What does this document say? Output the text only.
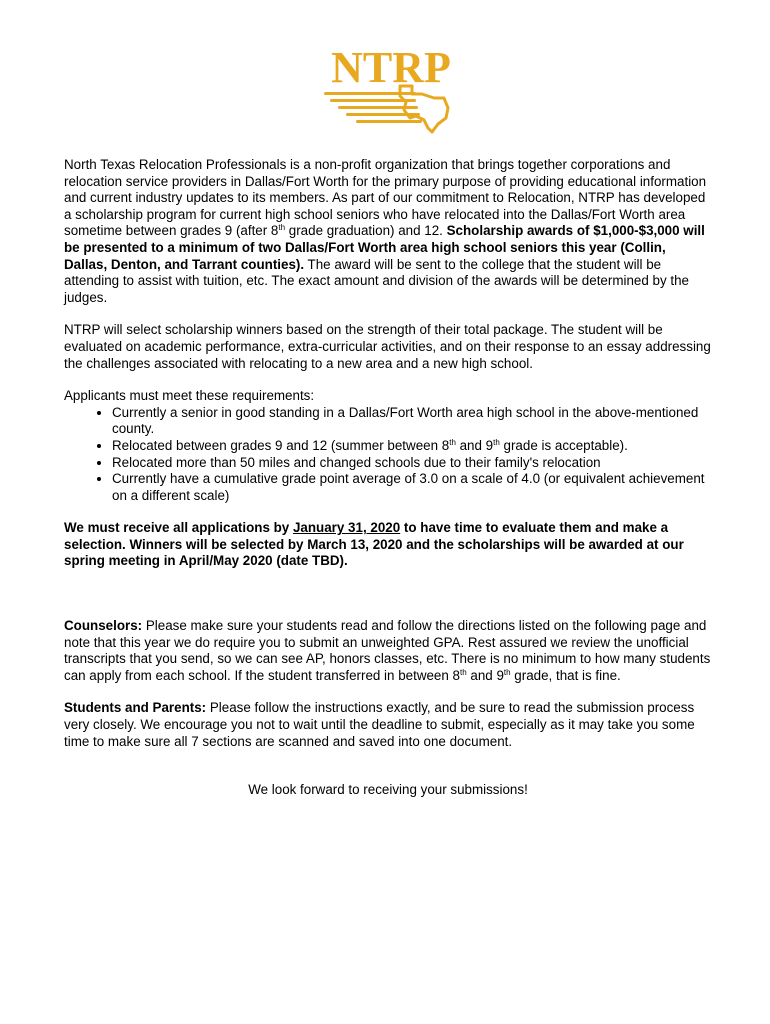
NTRP

North Texas Relocation Professionals is a non-profit organization that brings together corporations and relocation service providers in Dallas/Fort Worth for the primary purpose of providing educational information and current industry updates to its members. As part of our commitment to Relocation, NTRP has developed a scholarship program for current high school seniors who have relocated into the Dallas/Fort Worth area sometime between grades 9 (after 8th grade graduation) and 12. Scholarship awards of $1,000-$3,000 will be presented to a minimum of two Dallas/Fort Worth area high school seniors this year (Collin, Dallas, Denton, and Tarrant counties). The award will be sent to the college that the student will be attending to assist with tuition, etc. The exact amount and division of the awards will be determined by the judges.

NTRP will select scholarship winners based on the strength of their total package. The student will be evaluated on academic performance, extra-curricular activities, and on their response to an essay addressing the challenges associated with relocating to a new area and a new high school.

Applicants must meet these requirements:

• Currently a senior in good standing in a Dallas/Fort Worth area high school in the above-mentioned county.
• Relocated between grades 9 and 12 (summer between 8th and 9th grade is acceptable).
• Relocated more than 50 miles and changed schools due to their family's relocation
• Currently have a cumulative grade point average of 3.0 on a scale of 4.0 (or equivalent achievement on a different scale)

We must receive all applications by January 31, 2020 to have time to evaluate them and make a selection. Winners will be selected by March 13, 2020 and the scholarships will be awarded at our spring meeting in April/May 2020 (date TBD).

Counselors: Please make sure your students read and follow the directions listed on the following page and note that this year we do require you to submit an unweighted GPA. Rest assured we review the unofficial transcripts that you send, so we can see AP, honors classes, etc. There is no minimum to how many students can apply from each school. If the student transferred in between 8th and 9th grade, that is fine.

Students and Parents: Please follow the instructions exactly, and be sure to read the submission process very closely. We encourage you not to wait until the deadline to submit, especially as it may take you some time to make sure all 7 sections are scanned and saved into one document.

We look forward to receiving your submissions!
